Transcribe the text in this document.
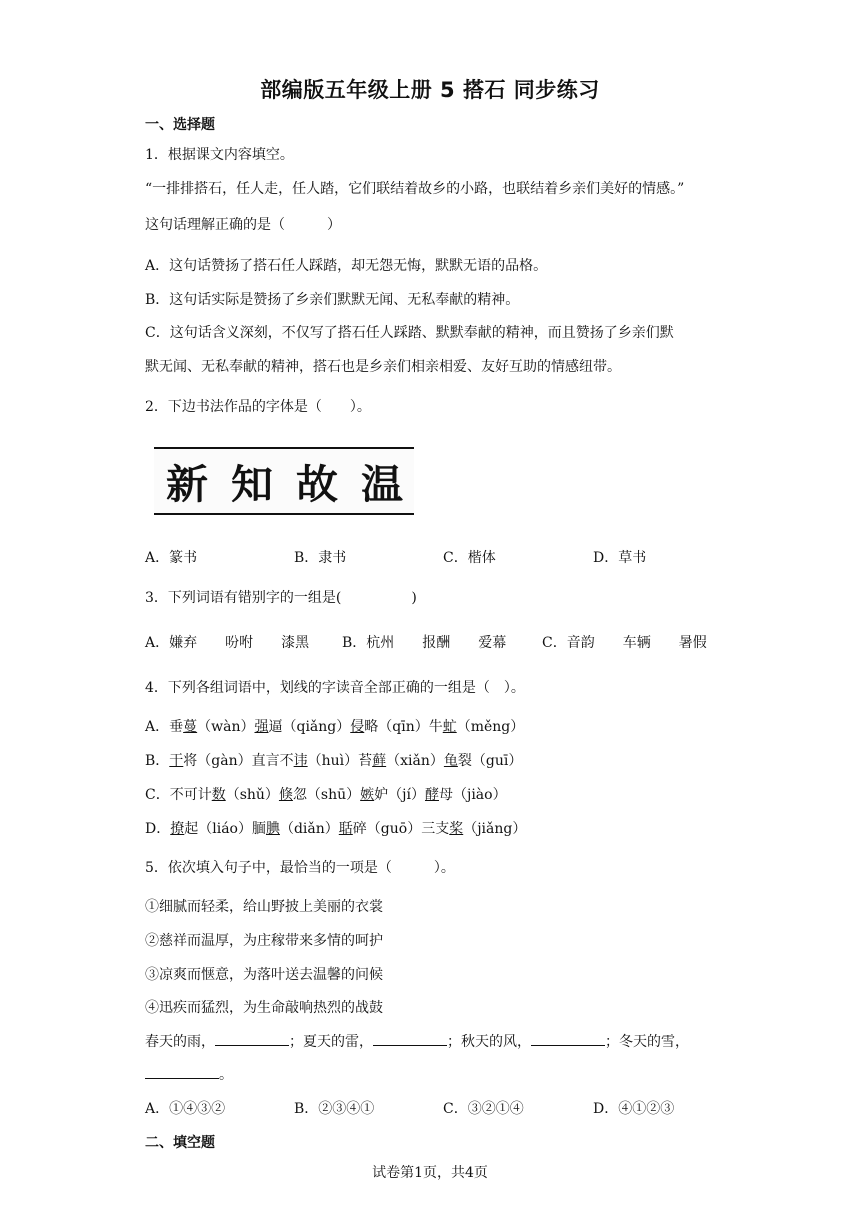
部编版五年级上册 5 搭石 同步练习
一、选择题
1．根据课文内容填空。
“一排排搭石，任人走，任人踏，它们联结着故乡的小路，也联结着乡亲们美好的情感。”
这句话理解正确的是（　　　）
A．这句话赞扬了搭石任人踩踏，却无怨无悔，默默无语的品格。
B．这句话实际是赞扬了乡亲们默默无闻、无私奉献的精神。
C．这句话含义深刻，不仅写了搭石任人踩踏、默默奉献的精神，而且赞扬了乡亲们默
默无闻、无私奉献的精神，搭石也是乡亲们相亲相爱、友好互助的情感纽带。
2．下边书法作品的字体是（　　）。
新 知 故 温
A．篆书	B．隶书	C．楷体	D．草书
3．下列词语有错别字的一组是(　　　　　)
A．嫌弃　　吩咐　　漆黑 B．杭州　　报酬　　爱幕	C．音韵　　车辆　　暑假
4．下列各组词语中，划线的字读音全部正确的一组是（　）。
A．垂蔓（wàn）强逼（qiǎng）侵略（qīn）牛虻（měng）
B．干将（gàn）直言不讳（huì）苔藓（xiǎn）龟裂（guī）
C．不可计数（shǔ）倏忽（shū）嫉妒（jí）酵母（jiào）
D．撩起（liáo）腼腆（diǎn）聒碎（guō）三支桨（jiǎng）
5．依次填入句子中，最恰当的一项是（　　　）。
①细腻而轻柔，给山野披上美丽的衣裳
②慈祥而温厚，为庄稼带来多情的呵护
③凉爽而惬意，为落叶送去温馨的问候
④迅疾而猛烈，为生命敲响热烈的战鼓
春天的雨，	；夏天的雷，	；秋天的风，	；冬天的雪，
。
A．①④③②	B．②③④①	C．③②①④	D．④①②③
二、填空题
试卷第1页，共4页
